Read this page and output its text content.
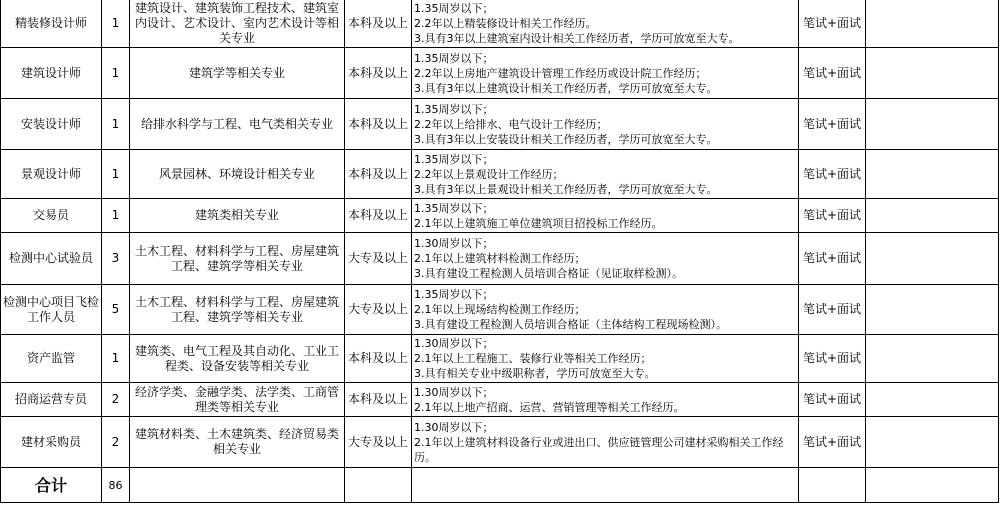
精装修设计师	1	建筑设计、建筑装饰工程技术、建筑室内设计、艺术设计、室内艺术设计等相关专业	本科及以上	1.35周岁以下；
2.2年以上精装修设计相关工作经历。
3.具有3年以上建筑室内设计相关工作经历者，学历可放宽至大专。	笔试+面试	
建筑设计师	1	建筑学等相关专业	本科及以上	1.35周岁以下；
2.2年以上房地产建筑设计管理工作经历或设计院工作经历；
3.具有3年以上建筑设计相关工作经历者，学历可放宽至大专。	笔试+面试	
安装设计师	1	给排水科学与工程、电气类相关专业	本科及以上	1.35周岁以下；
2.2年以上给排水、电气设计工作经历；
3.具有3年以上安装设计相关工作经历者，学历可放宽至大专。	笔试+面试	
景观设计师	1	风景园林、环境设计相关专业	本科及以上	1.35周岁以下；
2.2年以上景观设计工作经历；
3.具有3年以上景观设计相关工作经历者，学历可放宽至大专。	笔试+面试	
交易员	1	建筑类相关专业	本科及以上	1.35周岁以下；
2.1年以上建筑施工单位建筑项目招投标工作经历。	笔试+面试	
检测中心试验员	3	土木工程、材料科学与工程、房屋建筑工程、建筑学等相关专业	大专及以上	1.30周岁以下；
2.1年以上建筑材料检测工作经历；
3.具有建设工程检测人员培训合格证（见证取样检测）。	笔试+面试	
检测中心项目飞检工作人员	5	土木工程、材料科学与工程、房屋建筑工程、建筑学等相关专业	大专及以上	1.35周岁以下；
2.1年以上现场结构检测工作经历；
3.具有建设工程检测人员培训合格证（主体结构工程现场检测）。	笔试+面试	
资产监管	1	建筑类、电气工程及其自动化、工业工程类、设备安装等相关专业	本科及以上	1.30周岁以下；
2.1年以上工程施工、装修行业等相关工作经历；
3.具有相关专业中级职称者，学历可放宽至大专。	笔试+面试	
招商运营专员	2	经济学类、金融学类、法学类、工商管理类等相关专业	本科及以上	1.30周岁以下；
2.1年以上地产招商、运营、营销管理等相关工作经历。	笔试+面试	
建材采购员	2	建筑材料类、土木建筑类、经济贸易类相关专业	大专及以上	1.30周岁以下；
2.1年以上建筑材料设备行业或进出口、供应链管理公司建材采购相关工作经历。	笔试+面试	
合计	86					
